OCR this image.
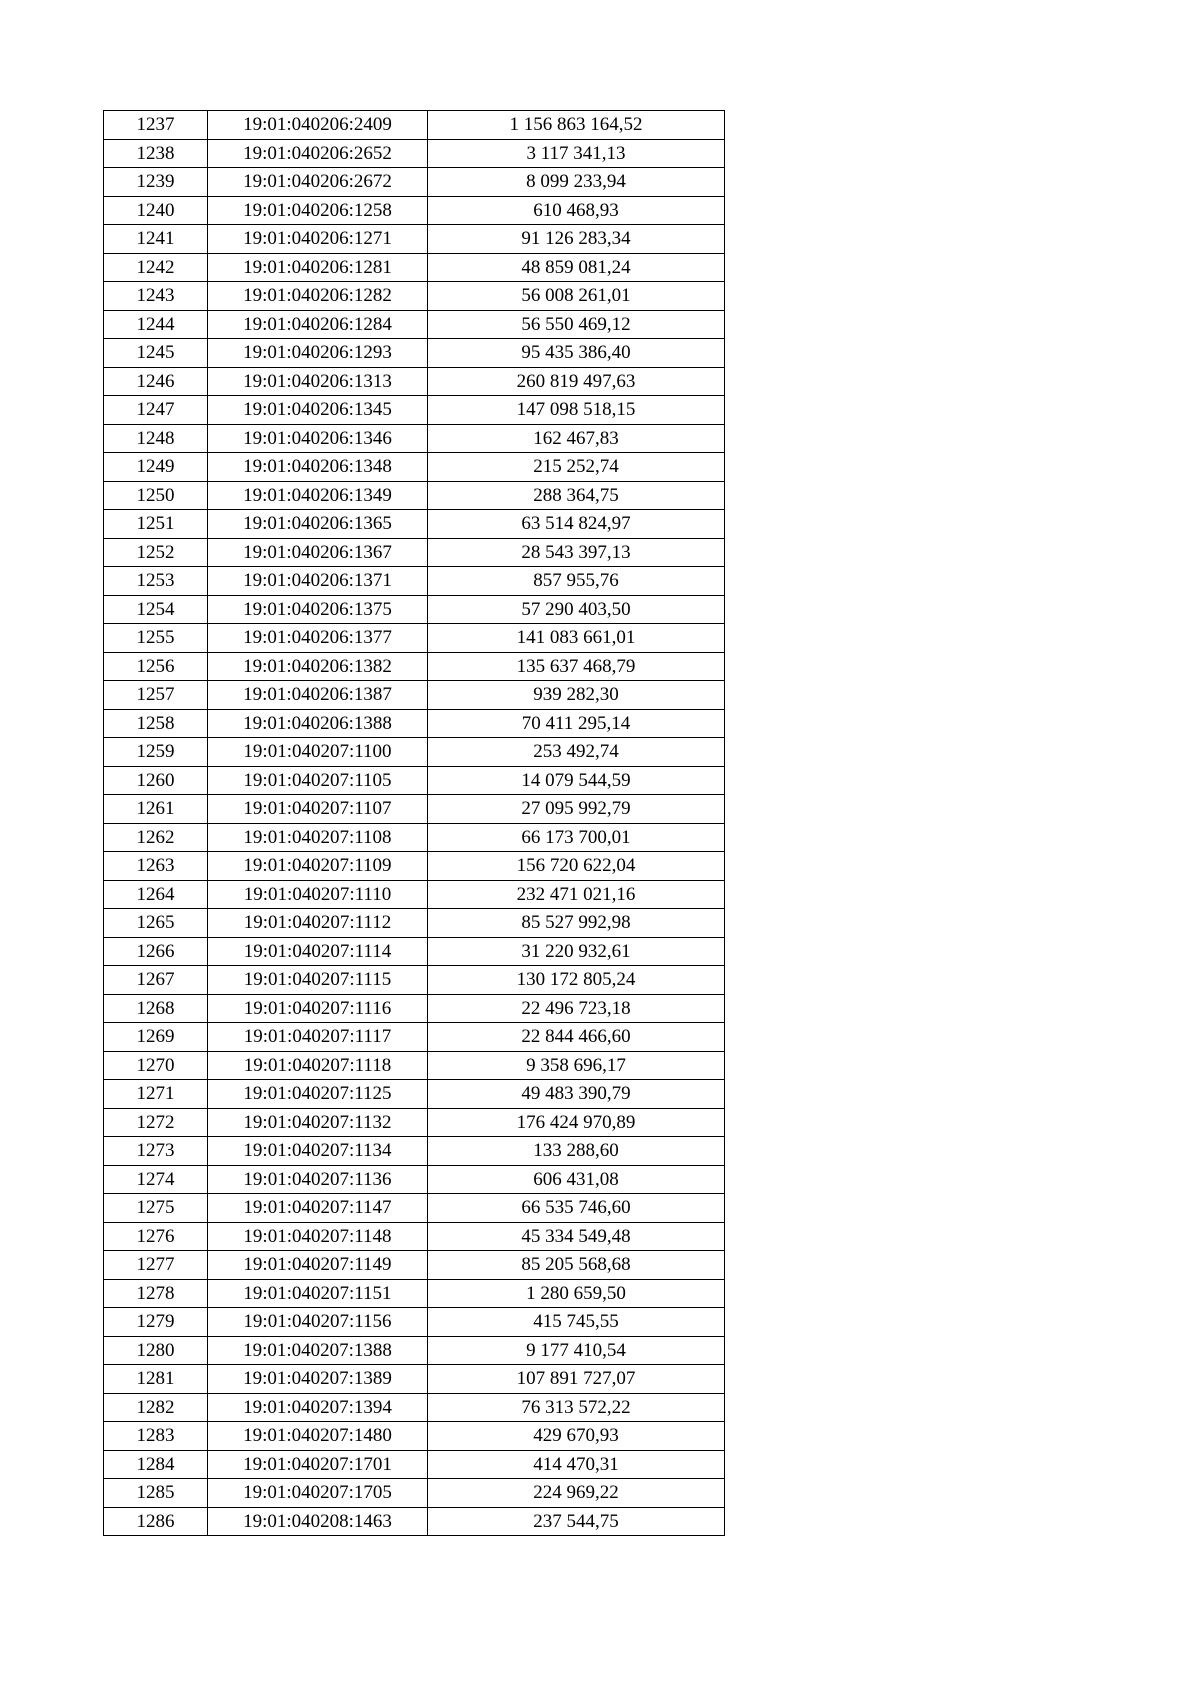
1237	19:01:040206:2409	1 156 863 164,52
1238	19:01:040206:2652	3 117 341,13
1239	19:01:040206:2672	8 099 233,94
1240	19:01:040206:1258	610 468,93
1241	19:01:040206:1271	91 126 283,34
1242	19:01:040206:1281	48 859 081,24
1243	19:01:040206:1282	56 008 261,01
1244	19:01:040206:1284	56 550 469,12
1245	19:01:040206:1293	95 435 386,40
1246	19:01:040206:1313	260 819 497,63
1247	19:01:040206:1345	147 098 518,15
1248	19:01:040206:1346	162 467,83
1249	19:01:040206:1348	215 252,74
1250	19:01:040206:1349	288 364,75
1251	19:01:040206:1365	63 514 824,97
1252	19:01:040206:1367	28 543 397,13
1253	19:01:040206:1371	857 955,76
1254	19:01:040206:1375	57 290 403,50
1255	19:01:040206:1377	141 083 661,01
1256	19:01:040206:1382	135 637 468,79
1257	19:01:040206:1387	939 282,30
1258	19:01:040206:1388	70 411 295,14
1259	19:01:040207:1100	253 492,74
1260	19:01:040207:1105	14 079 544,59
1261	19:01:040207:1107	27 095 992,79
1262	19:01:040207:1108	66 173 700,01
1263	19:01:040207:1109	156 720 622,04
1264	19:01:040207:1110	232 471 021,16
1265	19:01:040207:1112	85 527 992,98
1266	19:01:040207:1114	31 220 932,61
1267	19:01:040207:1115	130 172 805,24
1268	19:01:040207:1116	22 496 723,18
1269	19:01:040207:1117	22 844 466,60
1270	19:01:040207:1118	9 358 696,17
1271	19:01:040207:1125	49 483 390,79
1272	19:01:040207:1132	176 424 970,89
1273	19:01:040207:1134	133 288,60
1274	19:01:040207:1136	606 431,08
1275	19:01:040207:1147	66 535 746,60
1276	19:01:040207:1148	45 334 549,48
1277	19:01:040207:1149	85 205 568,68
1278	19:01:040207:1151	1 280 659,50
1279	19:01:040207:1156	415 745,55
1280	19:01:040207:1388	9 177 410,54
1281	19:01:040207:1389	107 891 727,07
1282	19:01:040207:1394	76 313 572,22
1283	19:01:040207:1480	429 670,93
1284	19:01:040207:1701	414 470,31
1285	19:01:040207:1705	224 969,22
1286	19:01:040208:1463	237 544,75
